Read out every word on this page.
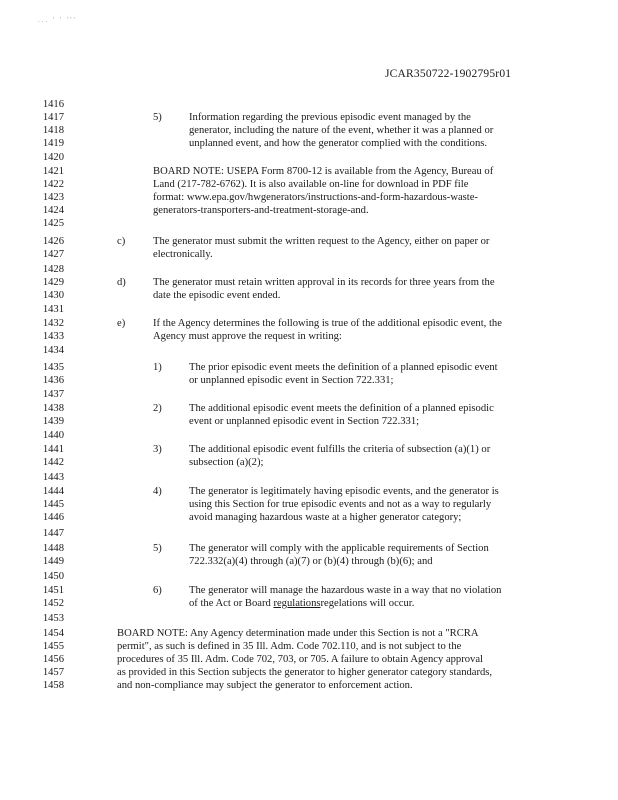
... ' ' '''
JCAR350722-1902795r01
1416
1417
1418
1419
1420
1421
1422
1423
1424
1425
1426
1427
1428
1429
1430
1431
1432
1433
1434
1435
1436
1437
1438
1439
1440
1441
1442
1443
1444
1445
1446
1447
1448
1449
1450
1451
1452
1453
1454
1455
1456
1457
1458
5)	Information regarding the previous episodic event managed by the
generator, including the nature of the event, whether it was a planned or
unplanned event, and how the generator complied with the conditions.
BOARD NOTE: USEPA Form 8700-12 is available from the Agency, Bureau of
Land (217-782-6762). It is also available on-line for download in PDF file
format: www.epa.gov/hwgenerators/instructions-and-form-hazardous-waste-
generators-transporters-and-treatment-storage-and.
c)	The generator must submit the written request to the Agency, either on paper or
electronically.
d)	The generator must retain written approval in its records for three years from the
date the episodic event ended.
e)	If the Agency determines the following is true of the additional episodic event, the
Agency must approve the request in writing:
1)	The prior episodic event meets the definition of a planned episodic event
or unplanned episodic event in Section 722.331;
2)	The additional episodic event meets the definition of a planned episodic
event or unplanned episodic event in Section 722.331;
3)	The additional episodic event fulfills the criteria of subsection (a)(1) or
subsection (a)(2);
4)	The generator is legitimately having episodic events, and the generator is
using this Section for true episodic events and not as a way to regularly
avoid managing hazardous waste at a higher generator category;
5)	The generator will comply with the applicable requirements of Section
722.332(a)(4) through (a)(7) or (b)(4) through (b)(6); and
6)	The generator will manage the hazardous waste in a way that no violation
of the Act or Board regulationsregelations will occur.
BOARD NOTE: Any Agency determination made under this Section is not a "RCRA
permit", as such is defined in 35 Ill. Adm. Code 702.110, and is not subject to the
procedures of 35 Ill. Adm. Code 702, 703, or 705. A failure to obtain Agency approval
as provided in this Section subjects the generator to higher generator category standards,
and non-compliance may subject the generator to enforcement action.
